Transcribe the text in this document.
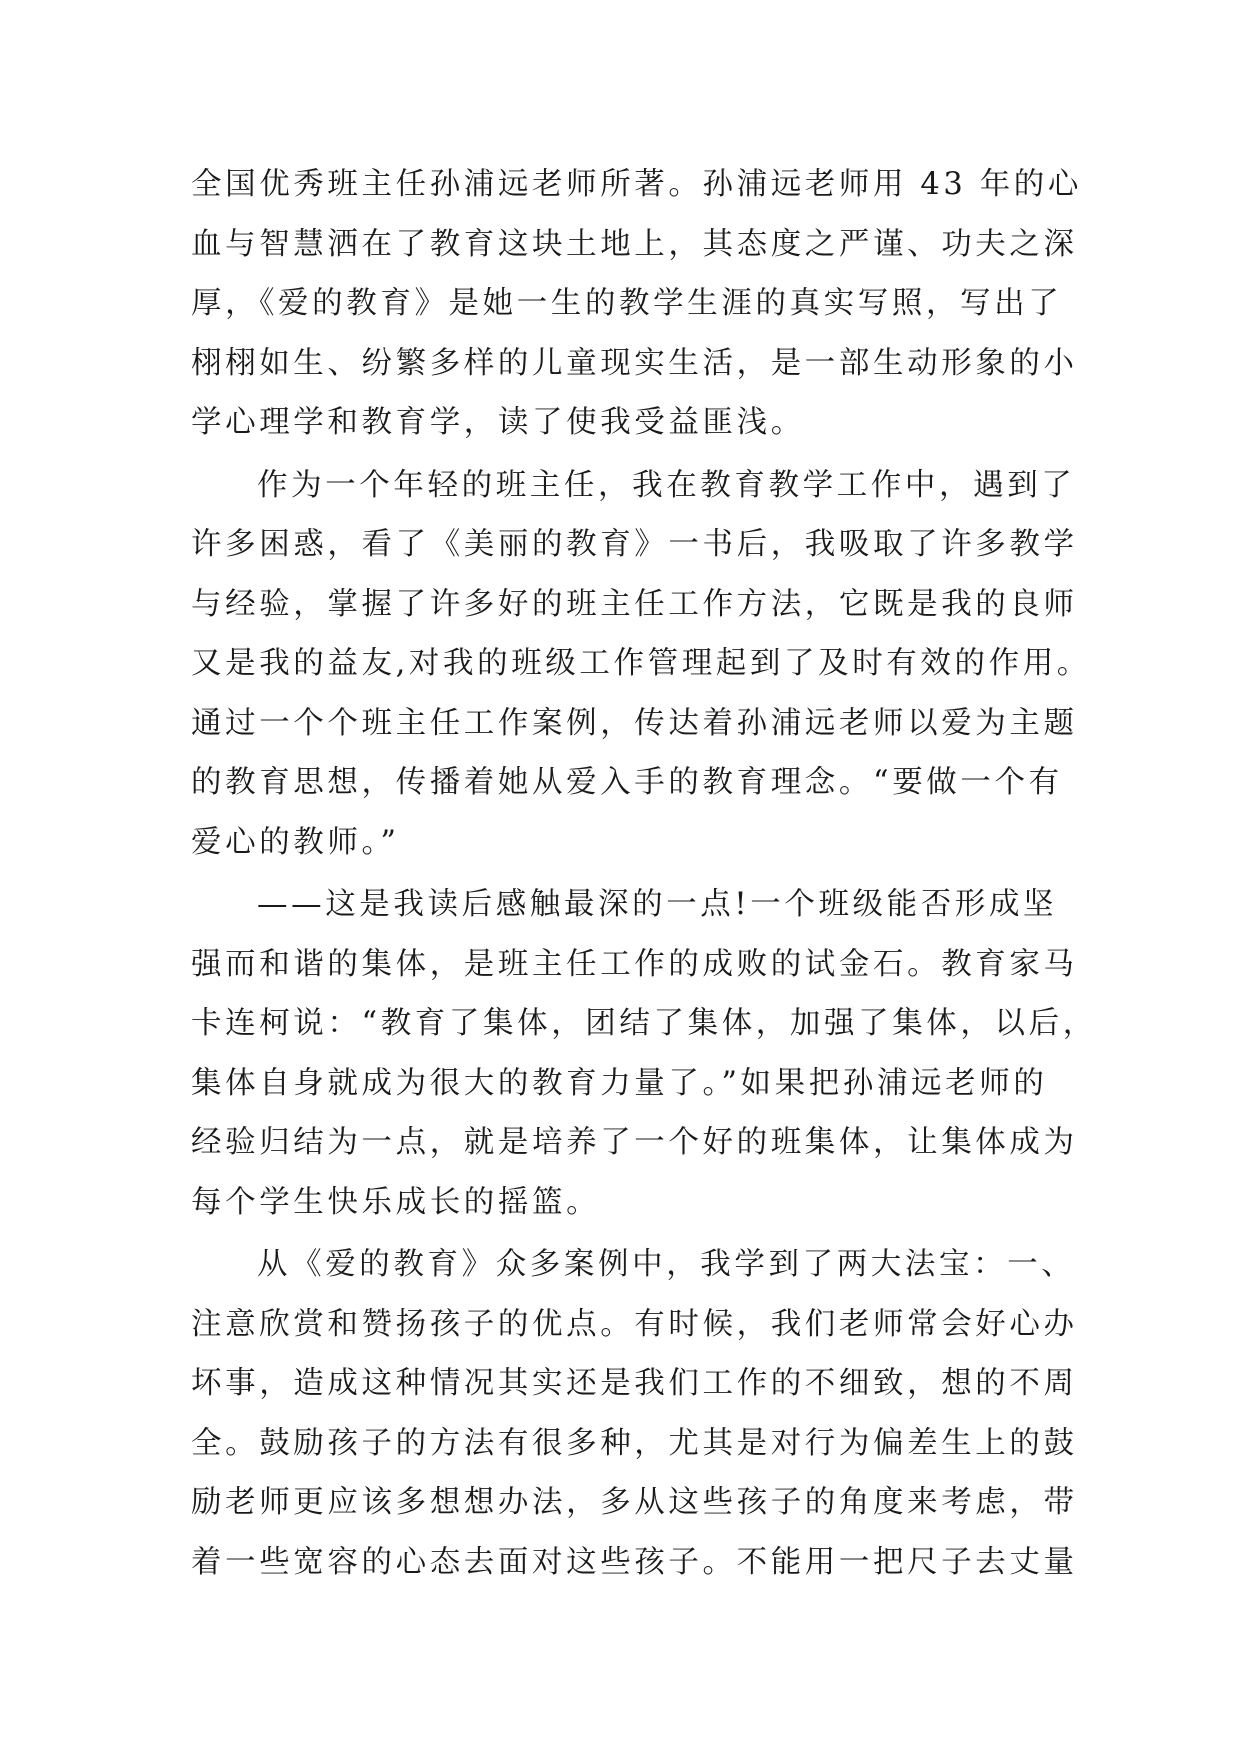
全国优秀班主任孙浦远老师所著。孙浦远老师用 43 年的心
血与智慧洒在了教育这块土地上，其态度之严谨、功夫之深
厚，《爱的教育》是她一生的教学生涯的真实写照，写出了
栩栩如生、纷繁多样的儿童现实生活，是一部生动形象的小
学心理学和教育学，读了使我受益匪浅。
作为一个年轻的班主任，我在教育教学工作中，遇到了
许多困惑，看了《美丽的教育》一书后，我吸取了许多教学
与经验，掌握了许多好的班主任工作方法，它既是我的良师
又是我的益友,对我的班级工作管理起到了及时有效的作用。
通过一个个班主任工作案例，传达着孙浦远老师以爱为主题
的教育思想，传播着她从爱入手的教育理念。“要做一个有
爱心的教师。”
——这是我读后感触最深的一点!一个班级能否形成坚
强而和谐的集体，是班主任工作的成败的试金石。教育家马
卡连柯说：“教育了集体，团结了集体，加强了集体，以后，
集体自身就成为很大的教育力量了。”如果把孙浦远老师的
经验归结为一点，就是培养了一个好的班集体，让集体成为
每个学生快乐成长的摇篮。
从《爱的教育》众多案例中，我学到了两大法宝：一、
注意欣赏和赞扬孩子的优点。有时候，我们老师常会好心办
坏事，造成这种情况其实还是我们工作的不细致，想的不周
全。鼓励孩子的方法有很多种，尤其是对行为偏差生上的鼓
励老师更应该多想想办法，多从这些孩子的角度来考虑，带
着一些宽容的心态去面对这些孩子。不能用一把尺子去丈量
